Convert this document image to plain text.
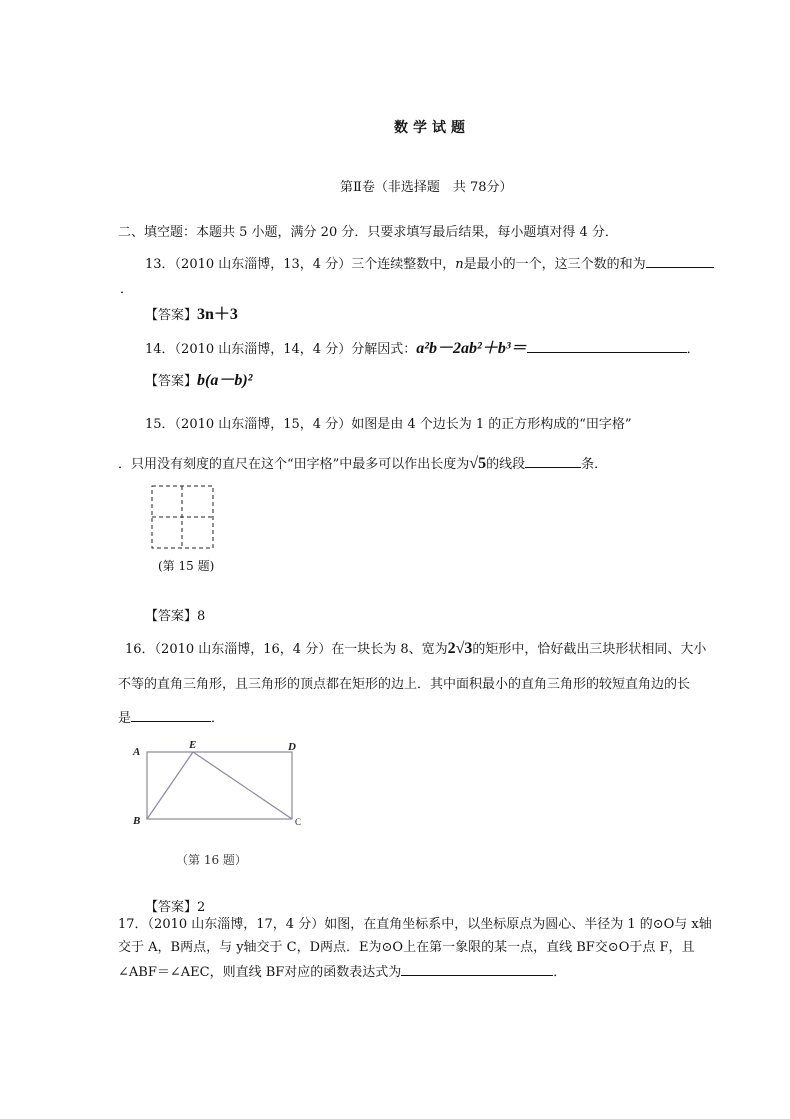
数学试题
第Ⅱ卷（非选择题　共 78分）
二、填空题：本题共 5 小题，满分 20 分．只要求填写最后结果，每小题填对得 4 分．
13．（2010 山东淄博，13，4 分）三个连续整数中，n是最小的一个，这三个数的和为
．
【答案】3n＋3
14．（2010 山东淄博，14，4 分）分解因式：a²b－2ab²＋b³＝	．
【答案】b(a－b)²
15．（2010 山东淄博，15，4 分）如图是由 4 个边长为 1 的正方形构成的“田字格”
．只用没有刻度的直尺在这个“田字格”中最多可以作出长度为√5的线段	条．
(第 15 题)
【答案】8
16．（2010 山东淄博，16，4 分）在一块长为 8、宽为2√3的矩形中，恰好截出三块形状相同、大小
不等的直角三角形，且三角形的顶点都在矩形的边上．其中面积最小的直角三角形的较短直角边的长
是	．
A
E	D
B	C
（第 16 题）
【答案】2
17．（2010 山东淄博，17，4 分）如图，在直角坐标系中，以坐标原点为圆心、半径为 1 的⊙O与 x轴
交于 A，B两点，与 y轴交于 C，D两点．E为⊙O上在第一象限的某一点，直线 BF交⊙O于点 F，且
∠ABF＝∠AEC，则直线 BF对应的函数表达式为	．
